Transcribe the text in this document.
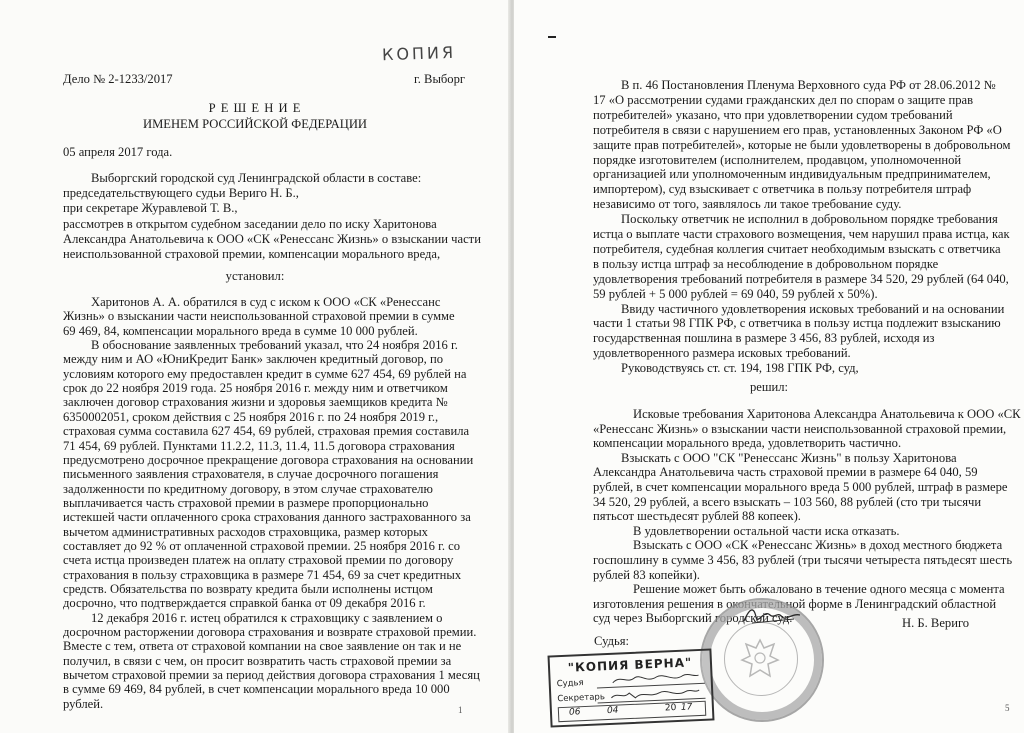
КОПИЯ
Дело № 2-1233/2017	г. Выборг
Р Е Ш Е Н И Е
ИМЕНЕМ РОССИЙСКОЙ ФЕДЕРАЦИИ
05 апреля 2017 года.
Выборгский городской суд Ленинградской области в составе:
председательствующего судьи Вериго Н. Б.,
при секретаре Журавлевой Т. В.,
рассмотрев в открытом судебном заседании дело по иску Харитонова
Александра Анатольевича к ООО «СК «Ренессанс Жизнь» о взыскании части
неиспользованной страховой премии, компенсации морального вреда,
установил:
Харитонов А. А. обратился в суд с иском к ООО «СК «Ренессанс
Жизнь» о взыскании части неиспользованной страховой премии в сумме
69 469, 84, компенсации морального вреда в сумме 10 000 рублей.
В обоснование заявленных требований указал, что 24 ноября 2016 г.
между ним и АО «ЮниКредит Банк» заключен кредитный договор, по
условиям которого ему предоставлен кредит в сумме 627 454, 69 рублей на
срок до 22 ноября 2019 года. 25 ноября 2016 г. между ним и ответчиком
заключен договор страхования жизни и здоровья заемщиков кредита №
6350002051, сроком действия с 25 ноября 2016 г. по 24 ноября 2019 г.,
страховая сумма составила 627 454, 69 рублей, страховая премия составила
71 454, 69 рублей. Пунктами 11.2.2, 11.3, 11.4, 11.5 договора страхования
предусмотрено досрочное прекращение договора страхования на основании
письменного заявления страхователя, в случае досрочного погашения
задолженности по кредитному договору, в этом случае страхователю
выплачивается часть страховой премии в размере пропорционально
истекшей части оплаченного срока страхования данного застрахованного за
вычетом административных расходов страховщика, размер которых
составляет до 92 % от оплаченной страховой премии. 25 ноября 2016 г. со
счета истца произведен платеж на оплату страховой премии по договору
страхования в пользу страховщика в размере 71 454, 69 за счет кредитных
средств. Обязательства по возврату кредита были исполнены истцом
досрочно, что подтверждается справкой банка от 09 декабря 2016 г.
12 декабря 2016 г. истец обратился к страховщику с заявлением о
досрочном расторжении договора страхования и возврате страховой премии.
Вместе с тем, ответа от страховой компании на свое заявление он так и не
получил, в связи с чем, он просит возвратить часть страховой премии за
вычетом страховой премии за период действия договора страхования 1 месяц
в сумме 69 469, 84 рублей, в счет компенсации морального вреда 10 000
рублей.	1
В п. 46 Постановления Пленума Верховного суда РФ от 28.06.2012 №
17 «О рассмотрении судами гражданских дел по спорам о защите прав
потребителей» указано, что при удовлетворении судом требований
потребителя в связи с нарушением его прав, установленных Законом РФ «О
защите прав потребителей», которые не были удовлетворены в добровольном
порядке изготовителем (исполнителем, продавцом, уполномоченной
организацией или уполномоченным индивидуальным предпринимателем,
импортером), суд взыскивает с ответчика в пользу потребителя штраф
независимо от того, заявлялось ли такое требование суду.
Поскольку ответчик не исполнил в добровольном порядке требования
истца о выплате части страхового возмещения, чем нарушил права истца, как
потребителя, судебная коллегия считает необходимым взыскать с ответчика
в пользу истца штраф за несоблюдение в добровольном порядке
удовлетворения требований потребителя в размере 34 520, 29 рублей (64 040,
59 рублей + 5 000 рублей = 69 040, 59 рублей х 50%).
Ввиду частичного удовлетворения исковых требований и на основании
части 1 статьи 98 ГПК РФ, с ответчика в пользу истца подлежит взысканию
государственная пошлина в размере 3 456, 83 рублей, исходя из
удовлетворенного размера исковых требований.
Руководствуясь ст. ст. 194, 198 ГПК РФ, суд,
решил:
Исковые требования Харитонова Александра Анатольевича к ООО «СК
«Ренессанс Жизнь» о взыскании части неиспользованной страховой премии,
компенсации морального вреда, удовлетворить частично.
Взыскать с ООО "СК "Ренессанс Жизнь" в пользу Харитонова
Александра Анатольевича часть страховой премии в размере 64 040, 59
рублей, в счет компенсации морального вреда 5 000 рублей, штраф в размере
34 520, 29 рублей, а всего взыскать – 103 560, 88 рублей (сто три тысячи
пятьсот шестьдесят рублей 88 копеек).
В удовлетворении остальной части иска отказать.
Взыскать с ООО «СК «Ренессанс Жизнь» в доход местного бюджета
госпошлину в сумме 3 456, 83 рублей (три тысячи четыреста пятьдесят шесть
рублей 83 копейки).
Решение может быть обжаловано в течение одного месяца с момента
изготовления решения в окончательной форме в Ленинградский областной
суд через Выборгский городской суд.
Судья:
Н. Б. Вериго
5
"КОПИЯ ВЕРНА"
Судья
Секретарь
06	04	20 17
